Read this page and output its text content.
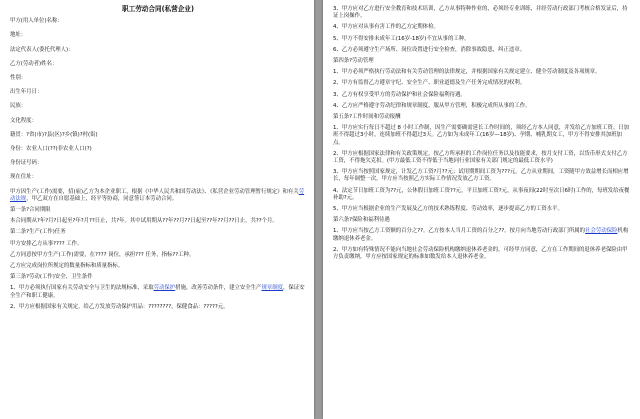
职工劳动合同(私营企业)
甲方(用人单位)名称：
地址：
法定代表人(委托代理人)：
乙方(劳动者)姓名：
性别：
出生年月日：
民族：
文化程度：
籍贯：?省(市)?县(区)?乡(镇)?村(街)
身份：农业人口(??)非农业人口(?)
身份证号码：
现在住址：
甲方因生产(工作)需要，招(雇)乙方为本企业职工，根据《中华人民共和国劳动法》、《私营企业劳动管理暂行规定》和有关劳动法规，甲乙双方在自愿基础上，经平等协商，同意签订本劳动合同。
第一条?合同期限
本合同期从?年?月?日起至?年?月??日止，共?年。其中试用期从??年??月??日起至??年??月??日止，共??个月。
第二条?生产(工作)任务
甲方安排乙方从事???? 工作。
乙方同意按甲方生产(工作)需要，在???? 岗位，承担??? 任务，指标??工种。
乙方应完成岗位所规定的数量指标和质量指标。
第三条?劳动(工作)安全、卫生条件
1、甲方必须执行国家有关劳动安全与卫生的法规标准，采取劳动保护措施，改善劳动条件，建立安全生产规章制度，保证安全生产和职工健康。
2、甲方应根据国家有关规定，给乙方发放劳动保护用品：????????，保健食品：?????元。
3、甲方应对乙方进行安全教育和技术培训，乙方从事特种作业的，必须经专业训练，并经劳动行政部门考核合格发证后，持证上岗操作。
4、甲方应对从事有害工作的乙方定期体检。
5、甲方不得安排未成年工(16岁-18岁)不宜从事的工种。
6、乙方必须遵守生产场所、岗位设置进行安全检查，消除事故隐患，纠正违章。
第四条?劳动管理
1、甲方必须严格执行劳动法和有关劳动管理的法律规定，并根据国家有关规定建立、健全劳动制度及各项规章。
2、甲方有监督乙方遵章守纪、安全生产、职业道德及生产任务完成情况的权利。
3、乙方有权享受甲方的劳动保护和社会保险福利待遇。
4、乙方应严格遵守劳动纪律和规章制度，服从甲方管理，积极完成所从事的工作。
第五条?工作时间和劳动报酬
1、甲方应实行每日不超过 8 小时工作制，因生产需要确需延长工作时间的，须经乙方本人同意，并发给乙方加班工资。日加班不得超过3小时，连续加班不得超过3天。乙方如为未成年工(16岁—18岁)、孕期、哺乳期女工，甲方不得安排其加班加点。
2、甲方应根据国家法律和有关政策规定，按乙方所承担的工作岗位任务以及技能要求，按月支付工资，以货币形式支付乙方工资，不得拖欠克扣。(甲方最低工资不得低于当地同行业国家有关部门规定的最低工资水平)
3、甲方应当按照国家规定，计发乙方工资?月??元；试用期期间工资为???元。乙方从业期间，工资随甲方效益增长而相应增长，每年调整一次，甲方应当按照乙方实际工作情况发放乙方工资。
4、法定节日加班工资为??元，公休假日加班工资??元，平日加班工资?元，从事夜间(22时至次日6时)工作的，每班发给夜餐补助?元。
5、甲方应当根据企业的生产发展及乙方的技术熟练程度、劳动效率，逐步提高乙方的工资水平。
第六条?保险和福利待遇
1、甲方应当按乙方工资额的百分之??。乙方按本人当月工资的百分之??。按月向当地劳动行政部门所属的社会劳动保险机构缴纳退休养老金。
2、甲方如有特殊情况不能向当地社会劳动保险机构缴纳退休养老金的，可经甲方同意，乙方在工作期间的退休养老保险由甲方负责缴纳，甲方应按国家规定的标准如数发给本人退休养老金。
